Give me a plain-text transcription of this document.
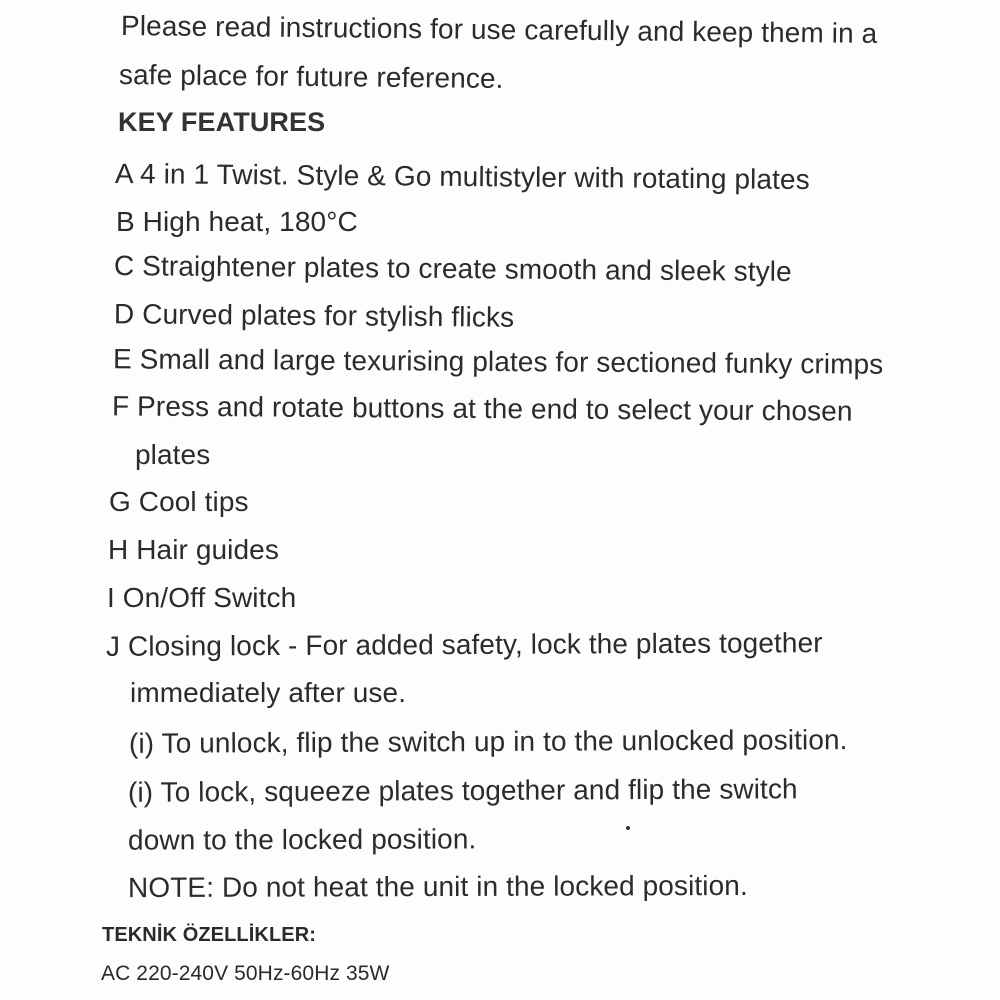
Please read instructions for use carefully and keep them in a
safe place for future reference.
KEY FEATURES
A 4 in 1 Twist. Style & Go multistyler with rotating plates
B High heat, 180°C
C Straightener plates to create smooth and sleek style
D Curved plates for stylish flicks
E Small and large texurising plates for sectioned funky crimps
F Press and rotate buttons at the end to select your chosen
plates
G Cool tips
H Hair guides
I On/Off Switch
J Closing lock - For added safety, lock the plates together
immediately after use.
(i) To unlock, flip the switch up in to the unlocked position.
(i) To lock, squeeze plates together and flip the switch
down to the locked position.
NOTE: Do not heat the unit in the locked position.
TEKNİK ÖZELLİKLER:
AC 220-240V 50Hz-60Hz 35W
